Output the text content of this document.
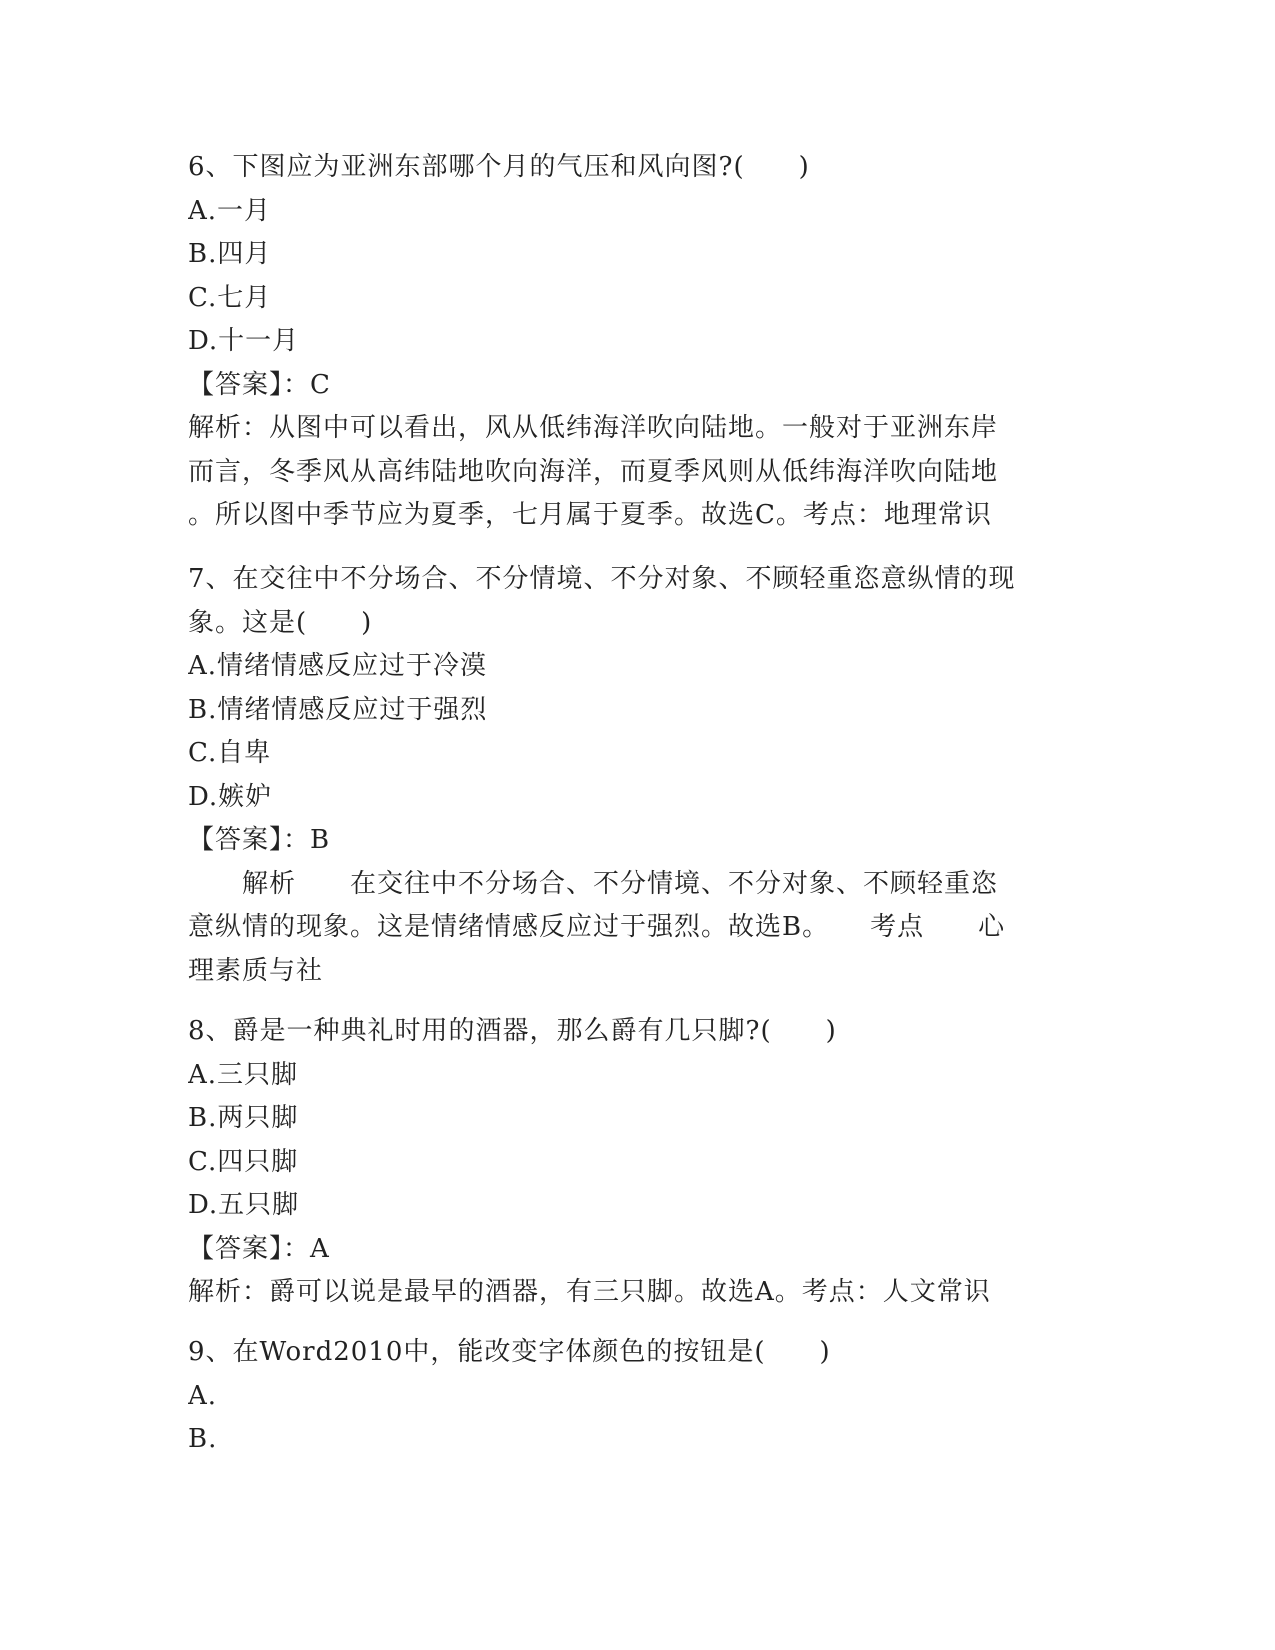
6、下图应为亚洲东部哪个月的气压和风向图?(　　)
A.一月
B.四月
C.七月
D.十一月
【答案】：C
解析：从图中可以看出，风从低纬海洋吹向陆地。一般对于亚洲东岸
而言，冬季风从高纬陆地吹向海洋，而夏季风则从低纬海洋吹向陆地
。所以图中季节应为夏季，七月属于夏季。故选C。考点：地理常识
7、在交往中不分场合、不分情境、不分对象、不顾轻重恣意纵情的现
象。这是(　　)
A.情绪情感反应过于冷漠
B.情绪情感反应过于强烈
C.自卑
D.嫉妒
【答案】：B
　　解析　　在交往中不分场合、不分情境、不分对象、不顾轻重恣
意纵情的现象。这是情绪情感反应过于强烈。故选B。　　考点　　心
理素质与社
8、爵是一种典礼时用的酒器，那么爵有几只脚?(　　)
A.三只脚
B.两只脚
C.四只脚
D.五只脚
【答案】：A
解析：爵可以说是最早的酒器，有三只脚。故选A。考点：人文常识
9、在Word2010中，能改变字体颜色的按钮是(　　)
A.
B.
